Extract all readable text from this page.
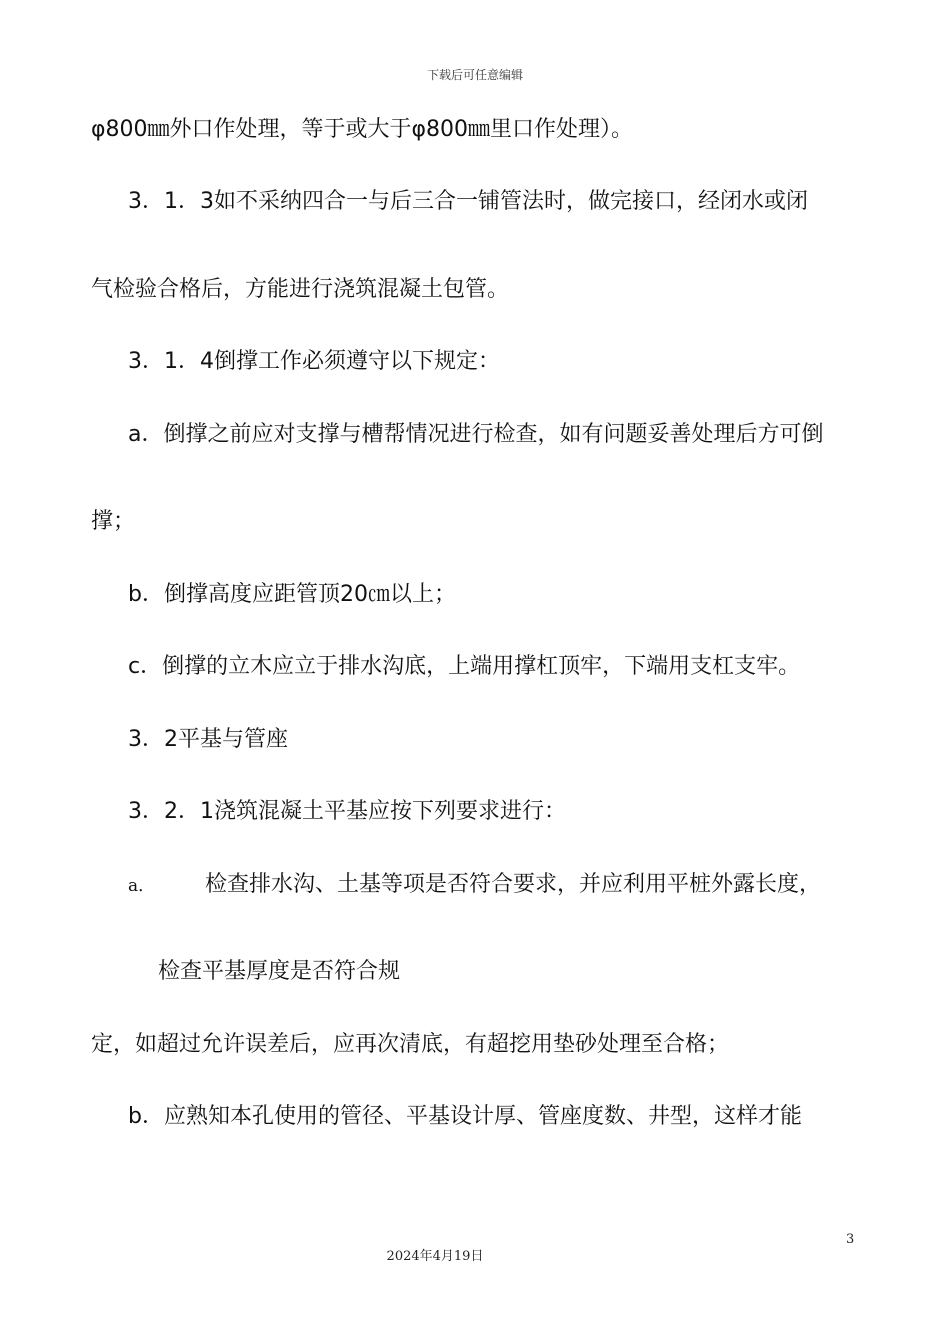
下载后可任意编辑
φ800㎜外口作处理，等于或大于φ800㎜里口作处理）。
3．1．3如不采纳四合一与后三合一铺管法时，做完接口，经闭水或闭
气检验合格后，方能进行浇筑混凝土包管。
3．1．4倒撑工作必须遵守以下规定：
a．倒撑之前应对支撑与槽帮情况进行检查，如有问题妥善处理后方可倒
撑；
b．倒撑高度应距管顶20㎝以上；
c．倒撑的立木应立于排水沟底，上端用撑杠顶牢，下端用支杠支牢。
3．2平基与管座
3．2．1浇筑混凝土平基应按下列要求进行：
a． 检查排水沟、土基等项是否符合要求，并应利用平桩外露长度，
检查平基厚度是否符合规
定，如超过允许误差后，应再次清底，有超挖用垫砂处理至合格；
b．应熟知本孔使用的管径、平基设计厚、管座度数、井型，这样才能
3
2024年4月19日
